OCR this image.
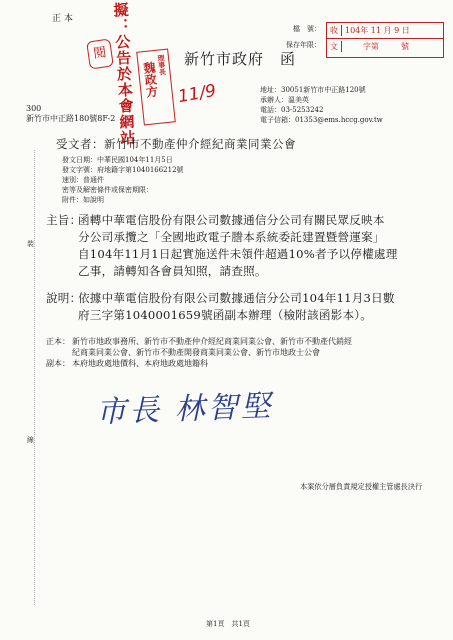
正 本
檔　號：
保存年限：
收 104年 11 月 9 日
文	字第	號
新竹市政府　函
擬：公告於本會網站	理事長
魏政方
閱
11/9
300
新竹市中正路180號8F-2
地址：30051新竹市中正路120號
承辦人：溫美英
電話：03-5253242
電子信箱：01353@ems.hccg.gov.tw
受文者：新竹市不動產仲介經紀商業同業公會
發文日期：中華民國104年11月5日
發文字號：府地籍字第1040166212號
速別：普通件
密等及解密條件或保密期限：
附件：如說明
主旨：
函轉中華電信股份有限公司數據通信分公司有關民眾反映本
分公司承攬之「全國地政電子謄本系統委託建置暨營運案」
自104年11月1日起實施送件未領件超過10%者予以停權處理
乙事，請轉知各會員知照，請查照。
說明：
依據中華電信股份有限公司數據通信分公司104年11月3日數
府三字第1040001659號函副本辦理（檢附該函影本）。
正本： 新竹市地政事務所、新竹市不動產仲介經紀商業同業公會、新竹市不動產代銷經
紀商業同業公會、新竹市不動產開發商業同業公會、新竹市地政士公會
副本： 本府地政處地價科、本府地政處地籍科
市長 林智堅
本案依分層負責規定授權主管處長決行
裝
線
第1頁　共1頁
